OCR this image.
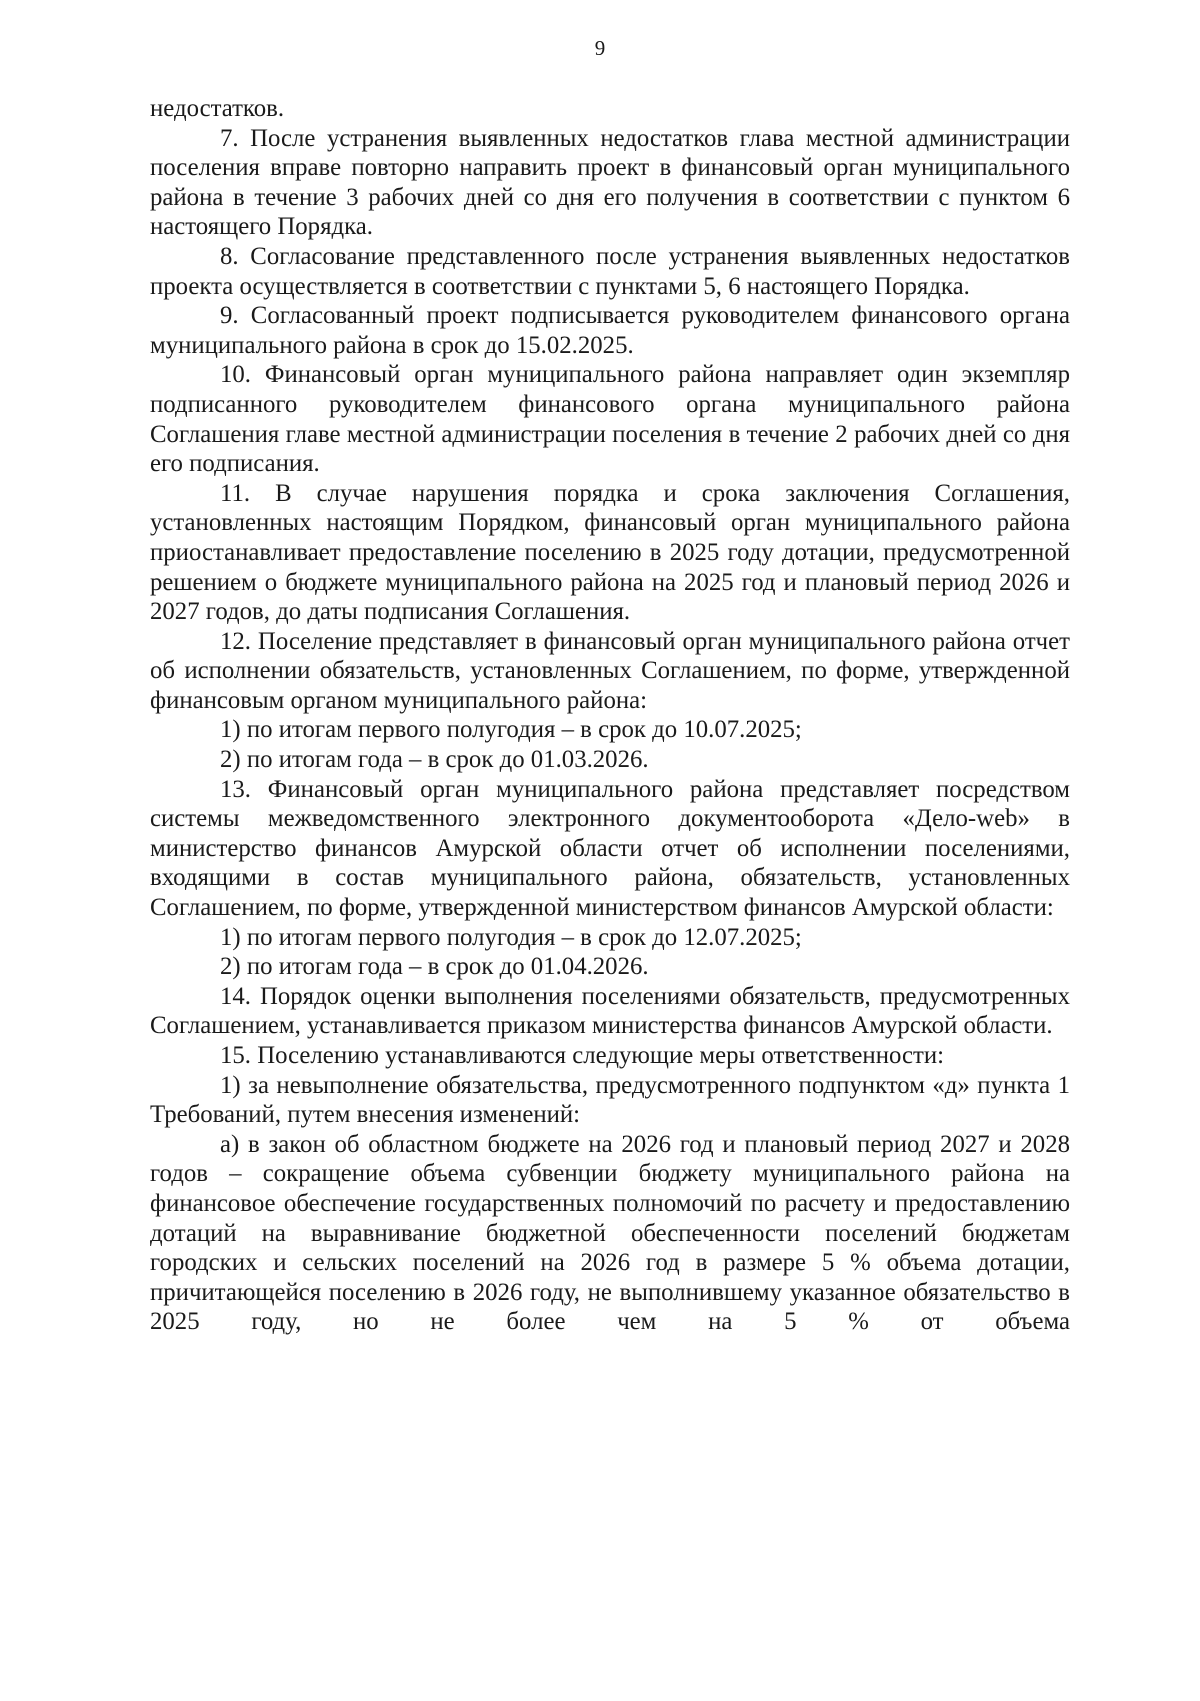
9

недостатков.

7. После устранения выявленных недостатков глава местной администрации поселения вправе повторно направить проект в финансовый орган муниципального района в течение 3 рабочих дней со дня его получения в соответствии с пунктом 6 настоящего Порядка.

8. Согласование представленного после устранения выявленных недостатков проекта осуществляется в соответствии с пунктами 5, 6 настоящего Порядка.

9. Согласованный проект подписывается руководителем финансового органа муниципального района в срок до 15.02.2025.

10. Финансовый орган муниципального района направляет один экземпляр подписанного руководителем финансового органа муниципального района Соглашения главе местной администрации поселения в течение 2 рабочих дней со дня его подписания.

11. В случае нарушения порядка и срока заключения Соглашения, установленных настоящим Порядком, финансовый орган муниципального района приостанавливает предоставление поселению в 2025 году дотации, предусмотренной решением о бюджете муниципального района на 2025 год и плановый период 2026 и 2027 годов, до даты подписания Соглашения.

12. Поселение представляет в финансовый орган муниципального района отчет об исполнении обязательств, установленных Соглашением, по форме, утвержденной финансовым органом муниципального района:

1) по итогам первого полугодия – в срок до 10.07.2025;

2) по итогам года – в срок до 01.03.2026.

13. Финансовый орган муниципального района представляет посредством системы межведомственного электронного документооборота «Дело-web» в министерство финансов Амурской области отчет об исполнении поселениями, входящими в состав муниципального района, обязательств, установленных Соглашением, по форме, утвержденной министерством финансов Амурской области:

1) по итогам первого полугодия – в срок до 12.07.2025;

2) по итогам года – в срок до 01.04.2026.

14. Порядок оценки выполнения поселениями обязательств, предусмотренных Соглашением, устанавливается приказом министерства финансов Амурской области.

15. Поселению устанавливаются следующие меры ответственности:

1) за невыполнение обязательства, предусмотренного подпунктом «д» пункта 1 Требований, путем внесения изменений:

а) в закон об областном бюджете на 2026 год и плановый период 2027 и 2028 годов – сокращение объема субвенции бюджету муниципального района на финансовое обеспечение государственных полномочий по расчету и предоставлению дотаций на выравнивание бюджетной обеспеченности поселений бюджетам городских и сельских поселений на 2026 год в размере 5 % объема дотации, причитающейся поселению в 2026 году, не выполнившему указанное обязательство в 2025 году, но не более чем на 5 % от объема
